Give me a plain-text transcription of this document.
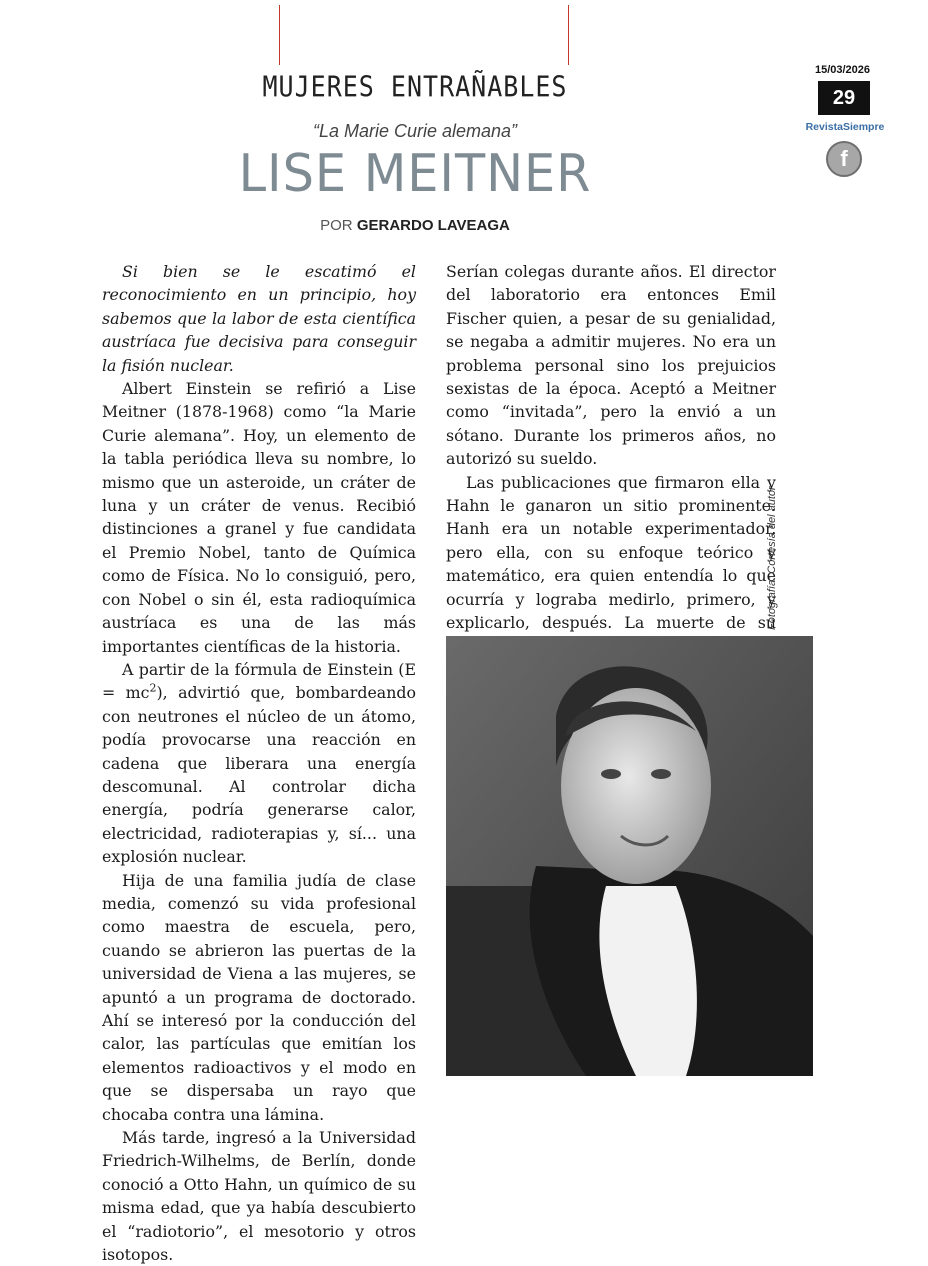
MUJERES ENTRAÑABLES
“La Marie Curie alemana”
LISE MEITNER
POR GERARDO LAVEAGA
15/03/2026
29
RevistaSiempre
f

Si bien se le escatimó el reconocimiento en un principio, hoy sabemos que la labor de esta científica austríaca fue decisiva para conseguir la fisión nuclear.

Albert Einstein se refirió a Lise Meitner (1878-1968) como “la Marie Curie alemana”. Hoy, un elemento de la tabla periódica lleva su nombre, lo mismo que un asteroide, un cráter de luna y un cráter de venus. Recibió distinciones a granel y fue candidata el Premio Nobel, tanto de Química como de Física. No lo consiguió, pero, con Nobel o sin él, esta radioquímica austríaca es una de las más importantes científicas de la historia.

A partir de la fórmula de Einstein $(E = mc^2)$, advirtió que, bombardeando con neutrones el núcleo de un átomo, podía provocarse una reacción en cadena que liberara una energía descomunal. Al controlar dicha energía, podría generarse calor, electricidad, radioterapias y, sí... una explosión nuclear.

Hija de una familia judía de clase media, comenzó su vida profesional como maestra de escuela, pero, cuando se abrieron las puertas de la universidad de Viena a las mujeres, se apuntó a un programa de doctorado. Ahí se interesó por la conducción del calor, las partículas que emitían los elementos radioactivos y el modo en que se dispersaba un rayo que chocaba contra una lámina.

Más tarde, ingresó a la Universidad Friedrich-Wilhelms, de Berlín, donde conoció a Otto Hahn, un químico de su misma edad, que ya había descubierto el “radiotorio”, el mesotorio y otros isotopos.

Serían colegas durante años. El director del laboratorio era entonces Emil Fischer quien, a pesar de su genialidad, se negaba a admitir mujeres. No era un problema personal sino los prejuicios sexistas de la época. Aceptó a Meitner como “invitada”, pero la envió a un sótano. Durante los primeros años, no autorizó su sueldo.

Las publicaciones que firmaron ella y Hahn le ganaron un sitio prominente. Hanh era un notable experimentador, pero ella, con su enfoque teórico y matemático, era quien entendía lo que ocurría y lograba medirlo, primero, y explicarlo, después. La muerte de su

Fotografía: Cortesía del autor
